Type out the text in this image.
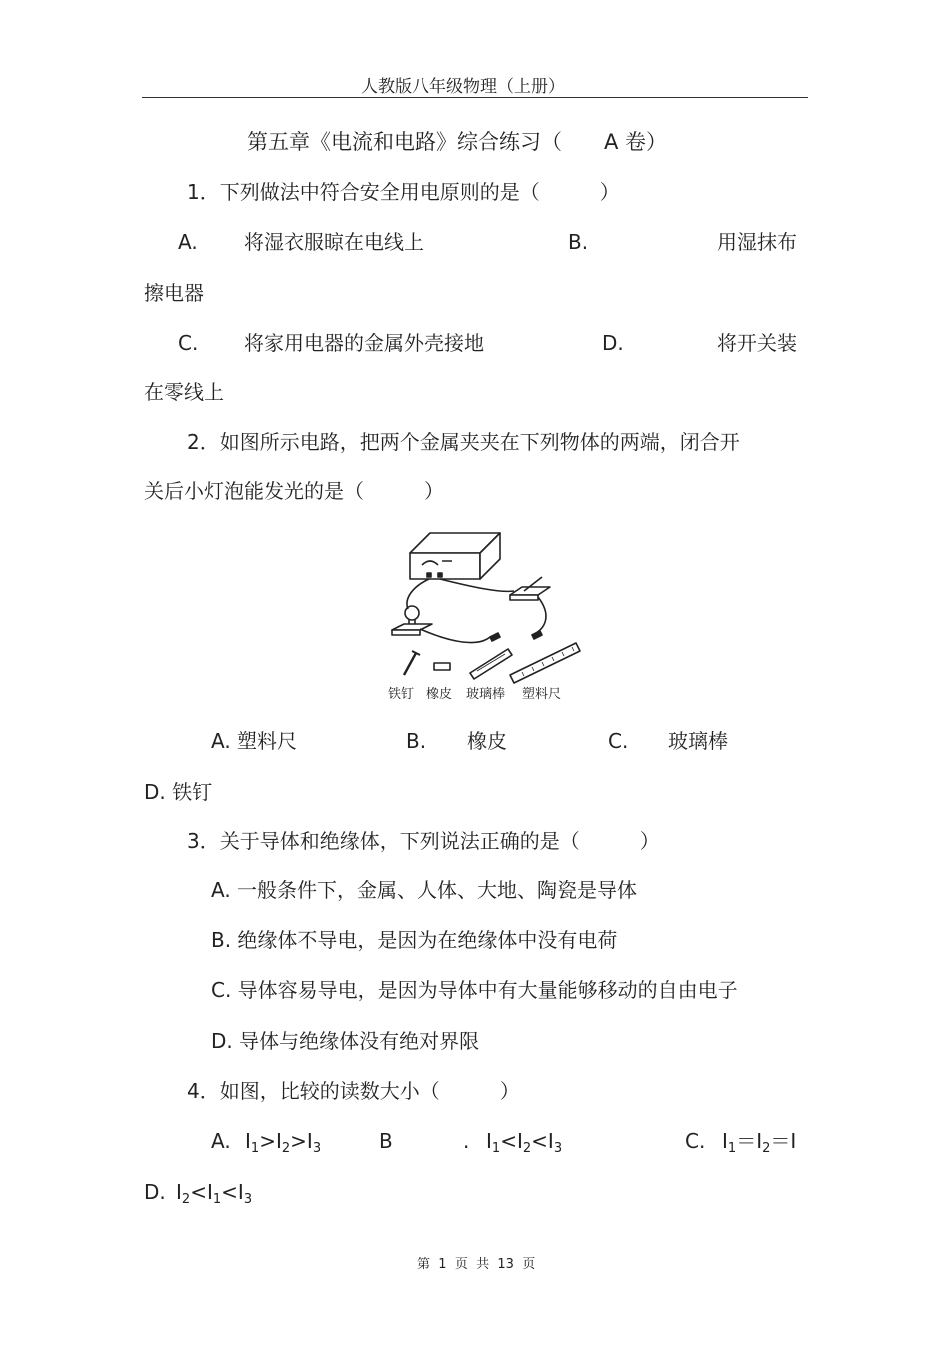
人教版八年级物理（上册）
第五章《电流和电路》综合练习（　　A 卷）
1．下列做法中符合安全用电原则的是（　　　）
A. 将湿衣服晾在电线上	B.	用湿抹布
擦电器
C. 将家用电器的金属外壳接地	D.	将开关装
在零线上
2．如图所示电路，把两个金属夹夹在下列物体的两端，闭合开
关后小灯泡能发光的是（　　　）
铁钉 橡皮 玻璃棒 塑料尺
A. 塑料尺	B. 橡皮	C. 玻璃棒
D. 铁钉
3．关于导体和绝缘体，下列说法正确的是（　　　）
A. 一般条件下，金属、人体、大地、陶瓷是导体
B. 绝缘体不导电，是因为在绝缘体中没有电荷
C. 导体容易导电，是因为导体中有大量能够移动的自由电子
D. 导体与绝缘体没有绝对界限
4．如图，比较的读数大小（　　　）
A. $I_1>I_2>I_3$	B	. $I_1<I_2<I_3$	C. $I_1=I_2=I$
D. $I_2<I_1<I_3$
第 1 页 共 13 页
